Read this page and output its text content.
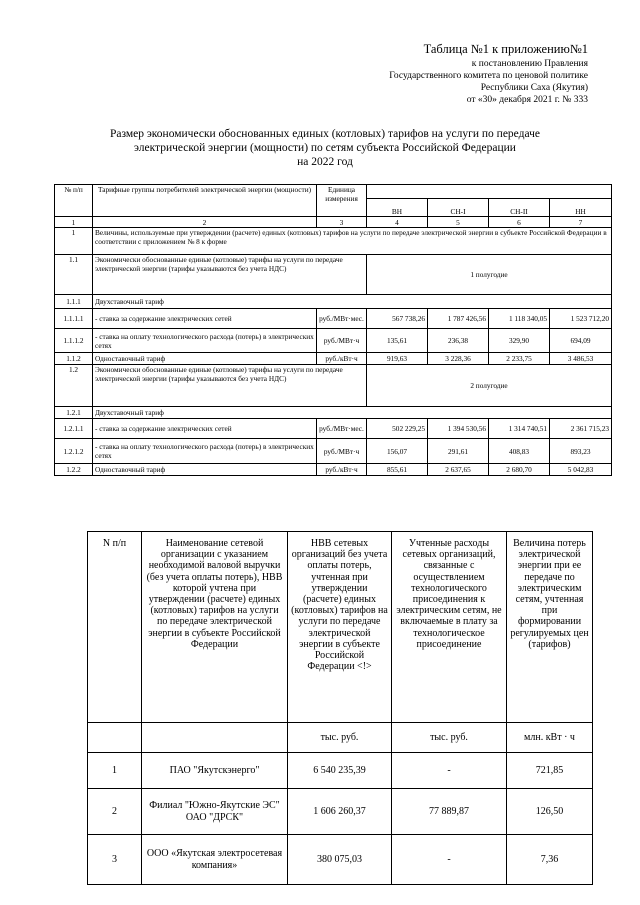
Таблица №1 к приложению№1
к постановлению Правления
Государственного комитета по ценовой политике
Республики Саха (Якутия)
от «30» декабря 2021 г. № 333
Размер экономически обоснованных единых (котловых) тарифов на услуги по передаче
электрической энергии (мощности) по сетям субъекта Российской Федерации
на 2022 год
№ п/п	Тарифные группы потребителей электрической энергии (мощности)	Единица измерения				
			ВН	СН-I	СН-II	НН
1	2	3	4	5	6	7
1	Величины, используемые при утверждении (расчете) единых (котловых) тарифов на услуги по передаче электрической энергии в субъекте Российской Федерации в соответствии с приложением № 8 к форме					
1.1	Экономически обоснованные единые (котловые) тарифы на услуги по передаче электрической энергии (тарифы указываются без учета НДС)		1 полугодие			
1.1.1	Двухставочный тариф					
1.1.1.1	- ставка за содержание электрических сетей	руб./МВт·мес.	567 738,26	1 787 426,56	1 118 340,05	1 523 712,20
1.1.1.2	- ставка на оплату технологического расхода (потерь) в электрических сетях	руб./МВт·ч	135,61	236,38	329,90	694,09
1.1.2	Одноставочный тариф	руб./кВт·ч	919,63	3 228,36	2 233,75	3 486,53
1.2	Экономически обоснованные единые (котловые) тарифы на услуги по передаче электрической энергии (тарифы указываются без учета НДС)		2 полугодие			
1.2.1	Двухставочный тариф					
1.2.1.1	- ставка за содержание электрических сетей	руб./МВт·мес.	502 229,25	1 394 530,56	1 314 740,51	2 361 715,23
1.2.1.2	- ставка на оплату технологического расхода (потерь) в электрических сетях	руб./МВт·ч	156,07	291,61	408,83	893,23
1.2.2	Одноставочный тариф	руб./кВт·ч	855,61	2 637,65	2 680,70	5 042,83
N п/п	Наименование сетевой организации с указанием необходимой валовой выручки (без учета оплаты потерь), НВВ которой учтена при утверждении (расчете) единых (котловых) тарифов на услуги по передаче электрической энергии в субъекте Российской Федерации	НВВ сетевых организаций без учета оплаты потерь, учтенная при утверждении (расчете) единых (котловых) тарифов на услуги по передаче электрической энергии в субъекте Российской Федерации <!>	Учтенные расходы сетевых организаций, связанные с осуществлением технологического присоединения к электрическим сетям, не включаемые в плату за технологическое присоединение	Величина потерь электрической энергии при ее передаче по электрическим сетям, учтенная при формировании регулируемых цен (тарифов)
		тыс. руб.	тыс. руб.	млн. кВт · ч
1	ПАО "Якутскэнерго"	6 540 235,39	-	721,85
2	Филиал "Южно-Якутские ЭС" ОАО "ДРСК"	1 606 260,37	77 889,87	126,50
3	ООО «Якутская электросетевая компания»	380 075,03	-	7,36
